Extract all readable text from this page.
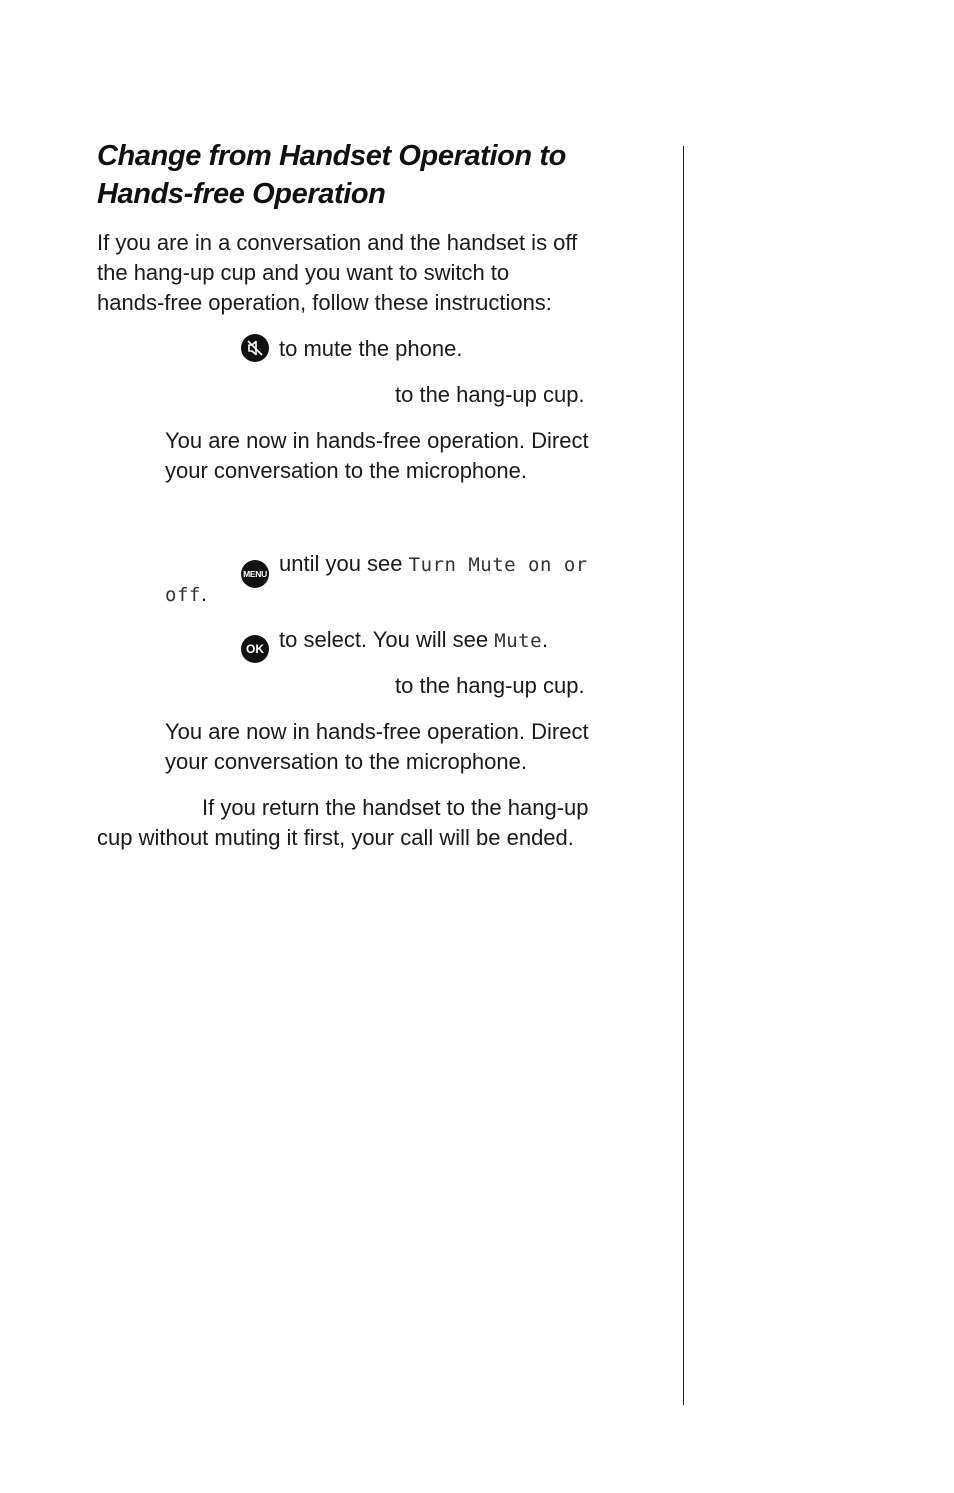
Change from Handset Operation to
Hands-free Operation
If you are in a conversation and the handset is off
the hang-up cup and you want to switch to
hands-free operation, follow these instructions:
to mute the phone.
to the hang-up cup.
You are now in hands-free operation. Direct
your conversation to the microphone.
MENU until you see Turn Mute on or
off.
OK to select. You will see Mute.
to the hang-up cup.
You are now in hands-free operation. Direct
your conversation to the microphone.
If you return the handset to the hang-up
cup without muting it first, your call will be ended.
